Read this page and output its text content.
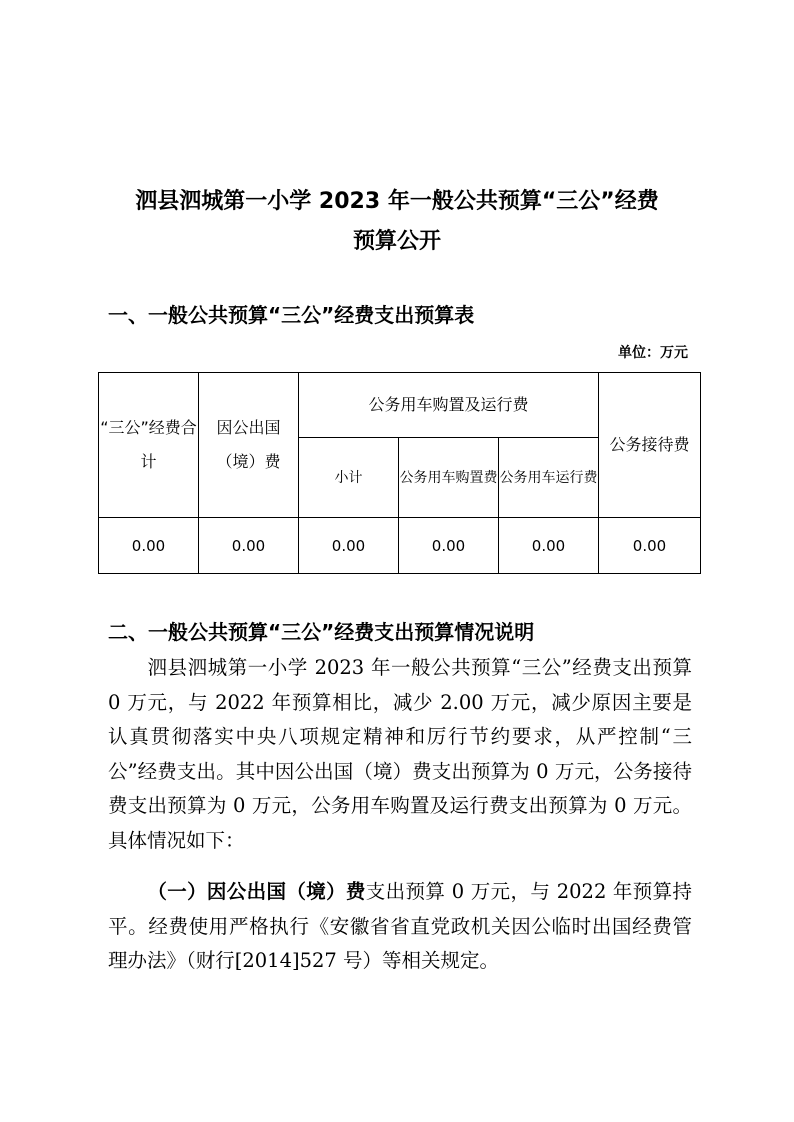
泗县泗城第一小学 2023 年一般公共预算“三公”经费
预算公开
一、一般公共预算“三公”经费支出预算表
单位：万元
“三公”经费合计	因公出国（境）费	公务用车购置及运行费			公务接待费
		小计	公务用车购置费	公务用车运行费	
0.00	0.00	0.00	0.00	0.00	0.00
二、一般公共预算“三公”经费支出预算情况说明
泗县泗城第一小学 2023 年一般公共预算“三公”经费支出预算 0 万元，与 2022 年预算相比，减少 2.00 万元，减少原因主要是认真贯彻落实中央八项规定精神和厉行节约要求，从严控制“三公”经费支出。其中因公出国（境）费支出预算为 0 万元，公务接待费支出预算为 0 万元，公务用车购置及运行费支出预算为 0 万元。具体情况如下：
（一）因公出国（境）费支出预算 0 万元，与 2022 年预算持平。经费使用严格执行《安徽省省直党政机关因公临时出国经费管理办法》（财行[2014]527 号）等相关规定。
